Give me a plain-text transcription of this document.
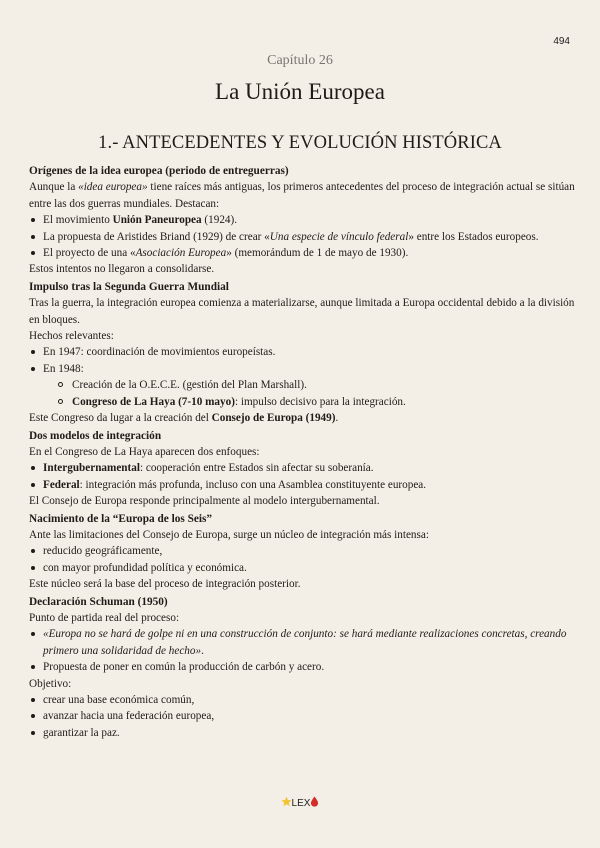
494
Capítulo 26
La Unión Europea
1.- ANTECEDENTES Y EVOLUCIÓN HISTÓRICA
Orígenes de la idea europea (periodo de entreguerras)

Aunque la «idea europea» tiene raíces más antiguas, los primeros antecedentes del proceso de integración actual se sitúan entre las dos guerras mundiales. Destacan:

El movimiento Unión Paneuropea (1924).
La propuesta de Aristides Briand (1929) de crear «Una especie de vínculo federal» entre los Estados europeos.
El proyecto de una «Asociación Europea» (memorándum de 1 de mayo de 1930).

Estos intentos no llegaron a consolidarse.

Impulso tras la Segunda Guerra Mundial

Tras la guerra, la integración europea comienza a materializarse, aunque limitada a Europa occidental debido a la división en bloques.

Hechos relevantes:

En 1947: coordinación de movimientos europeístas.
En 1948:
Creación de la O.E.C.E. (gestión del Plan Marshall).
Congreso de La Haya (7-10 mayo): impulso decisivo para la integración.

Este Congreso da lugar a la creación del Consejo de Europa (1949).

Dos modelos de integración

En el Congreso de La Haya aparecen dos enfoques:

Intergubernamental: cooperación entre Estados sin afectar su soberanía.
Federal: integración más profunda, incluso con una Asamblea constituyente europea.

El Consejo de Europa responde principalmente al modelo intergubernamental.

Nacimiento de la “Europa de los Seis”

Ante las limitaciones del Consejo de Europa, surge un núcleo de integración más intensa:

reducido geográficamente,
con mayor profundidad política y económica.

Este núcleo será la base del proceso de integración posterior.

Declaración Schuman (1950)

Punto de partida real del proceso:

«Europa no se hará de golpe ni en una construcción de conjunto: se hará mediante realizaciones concretas, creando primero una solidaridad de hecho».
Propuesta de poner en común la producción de carbón y acero.

Objetivo:

crear una base económica común,
avanzar hacia una federación europea,
garantizar la paz.
LEX
